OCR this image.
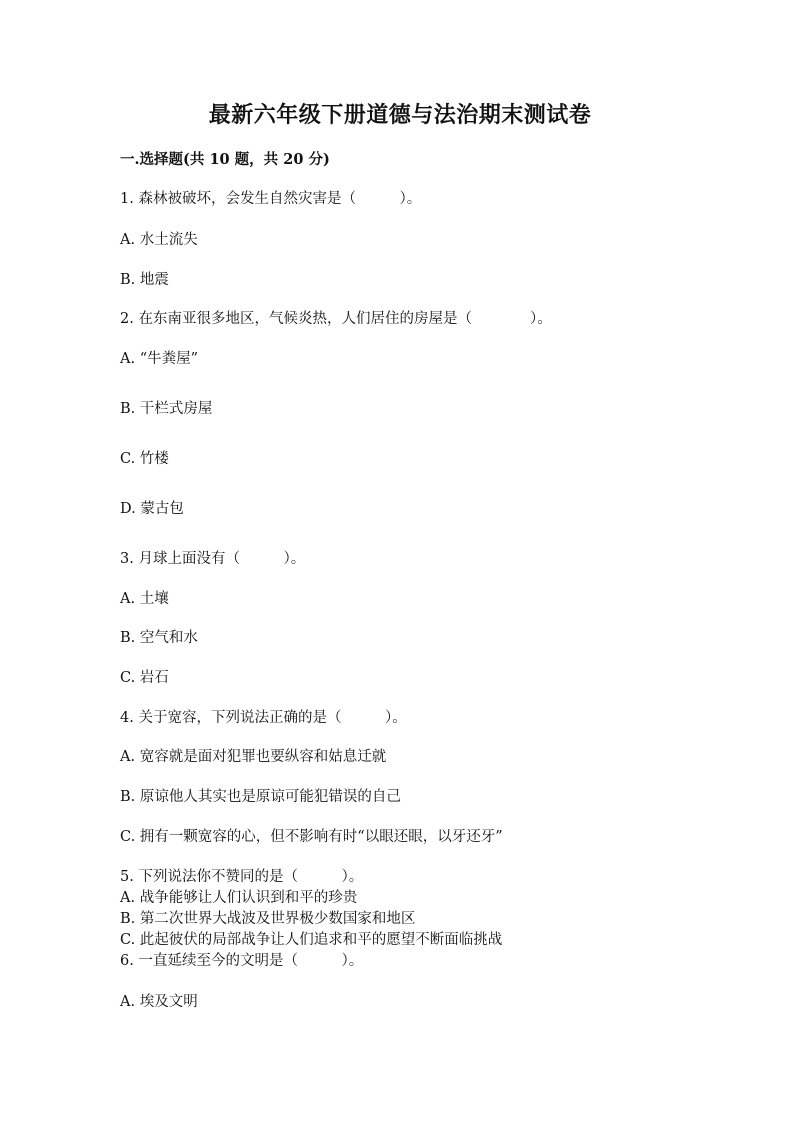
最新六年级下册道德与法治期末测试卷
一.选择题(共 10 题，共 20 分)
1. 森林被破坏，会发生自然灾害是（　　　）。
A. 水土流失
B. 地震
2. 在东南亚很多地区，气候炎热，人们居住的房屋是（　　　　）。
A. “牛粪屋”
B. 干栏式房屋
C. 竹楼
D. 蒙古包
3. 月球上面没有（　　　）。
A. 土壤
B. 空气和水
C. 岩石
4. 关于宽容，下列说法正确的是（　　　）。
A. 宽容就是面对犯罪也要纵容和姑息迁就
B. 原谅他人其实也是原谅可能犯错误的自己
C. 拥有一颗宽容的心，但不影响有时“以眼还眼，以牙还牙”
5. 下列说法你不赞同的是（　　　）。
A. 战争能够让人们认识到和平的珍贵
B. 第二次世界大战波及世界极少数国家和地区
C. 此起彼伏的局部战争让人们追求和平的愿望不断面临挑战
6. 一直延续至今的文明是（　　　）。
A. 埃及文明
